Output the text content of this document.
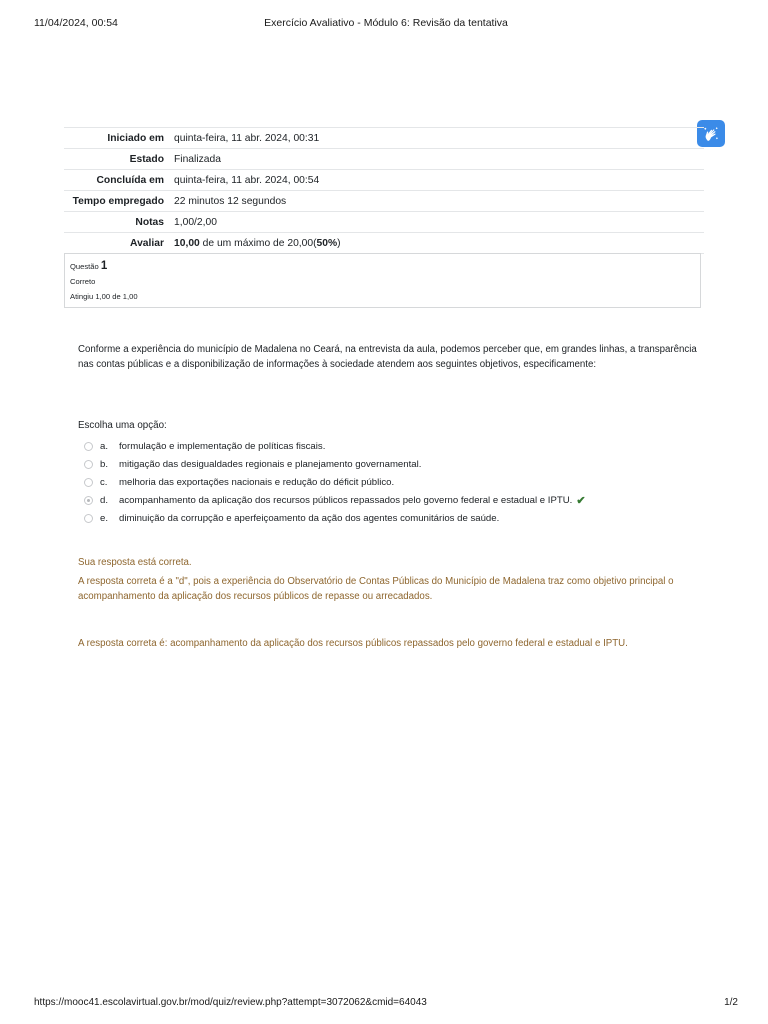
11/04/2024, 00:54	Exercício Avaliativo - Módulo 6: Revisão da tentativa
Iniciado em	quinta-feira, 11 abr. 2024, 00:31
Estado	Finalizada
Concluída em	quinta-feira, 11 abr. 2024, 00:54
Tempo empregado	22 minutos 12 segundos
Notas	1,00/2,00
Avaliar	10,00 de um máximo de 20,00(50%)
Questão 1
Correto
Atingiu 1,00 de 1,00
Conforme a experiência do município de Madalena no Ceará, na entrevista da aula, podemos perceber que, em grandes linhas, a transparência nas contas públicas e a disponibilização de informações à sociedade atendem aos seguintes objetivos, especificamente:
Escolha uma opção:
a.	formulação e implementação de políticas fiscais.
b.	mitigação das desigualdades regionais e planejamento governamental.
c.	melhoria das exportações nacionais e redução do déficit público.
d.	acompanhamento da aplicação dos recursos públicos repassados pelo governo federal e estadual e IPTU. ✔
e.	diminuição da corrupção e aperfeiçoamento da ação dos agentes comunitários de saúde.
Sua resposta está correta.
A resposta correta é a "d", pois a experiência do Observatório de Contas Públicas do Município de Madalena traz como objetivo principal o acompanhamento da aplicação dos recursos públicos de repasse ou arrecadados.
A resposta correta é: acompanhamento da aplicação dos recursos públicos repassados pelo governo federal e estadual e IPTU.
https://mooc41.escolavirtual.gov.br/mod/quiz/review.php?attempt=3072062&cmid=64043	1/2
